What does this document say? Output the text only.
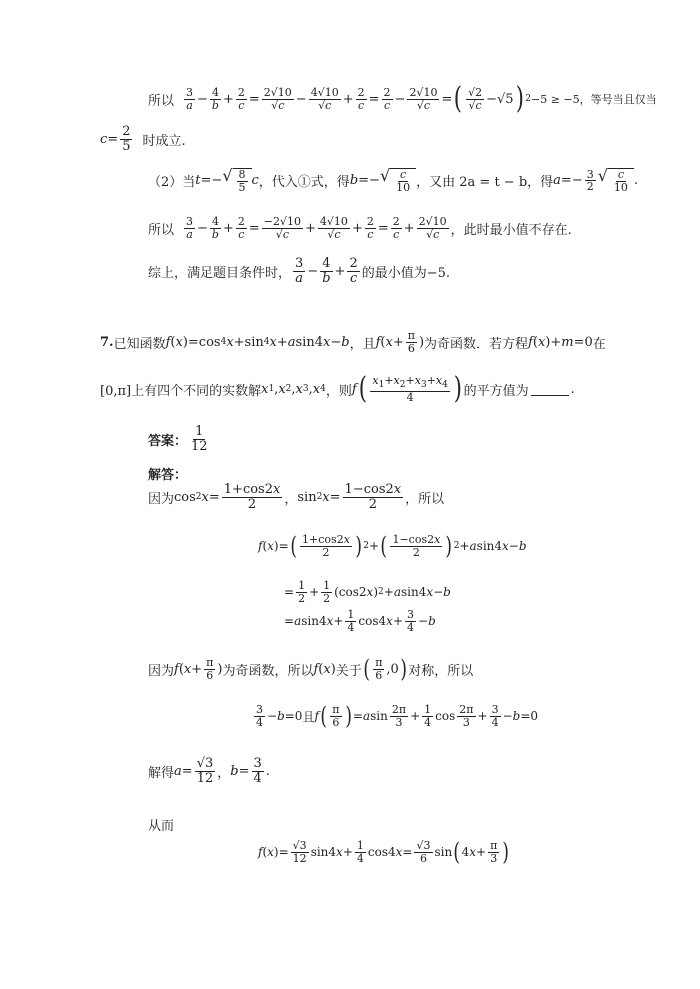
所以 $\frac{3}{a} - \frac{4}{b} + \frac{2}{c} = \frac{2√10}{√c} - \frac{4√10}{√c} + \frac{2}{c} = \frac{2}{c} - \frac{2√10}{√c}$ = ( $\frac{√2}{√c} -√5$ ) 2 −5 ≥ −5，等号当且仅当
$c = \frac{2}{5}$ 时成立.
（2）当 t =− √ $\frac{8}{5}$ c ，代入①式，得 b =− √ $\frac{c}{10}$ ，又由 2a = t − b，得 $a =- \frac{3}{2}$ √ $\frac{c}{10}$ .
所以 $\frac{3}{a} - \frac{4}{b} + \frac{2}{c} = \frac{-2√10}{√c} + \frac{4√10}{√c} + \frac{2}{c} = \frac{2}{c} + \frac{2√10}{√c}$ ，此时最小值不存在.
综上，满足题目条件时， $\frac{3}{a} - \frac{4}{b} + \frac{2}{c}$ 的最小值为−5.
7. 已知函数 f ( x )=cos 4 x +sin 4 x + a sin4 x − b ，且 f ( $x + \frac{\pi}{6}$ ) 为奇函数．若方程 f ( x )+ m =0 在
[0,π]上有四个不同的实数解 x 1 , x 2 , x 3 , x 4 ，则 f ( $\frac{x_1+x_2+x_3+x_4}{4}$ ) 的平方值为	.
答案： $\frac{1}{12}$
解答：
因为 cos 2 $x = \frac{1+\cos 2x}{2}$ ， sin 2 $x = \frac{1-\cos 2x}{2}$ ，所以
f ( x )= ( $\frac{1+\cos 2x}{2}$ ) 2 + ( $\frac{1-\cos 2x}{2}$ ) 2 + a sin4 x − b
= $\frac{1}{2} + \frac{1}{2} (\cos 2$ x ) 2 + a sin4 x − b
= a sin4 $x + \frac{1}{4} \cos 4$ $x + \frac{3}{4} - b$
因为 f ( $x + \frac{\pi}{6}$ ) 为奇函数，所以 f ( x ) 关于 ( $\frac{\pi}{6} ,0$ ) 对称，所以
$\frac{3}{4} - b =0$ 且 f ( $\frac{\pi}{6}$ ) = a $\sin \frac{2\pi}{3} + \frac{1}{4}$ $\cos \frac{2\pi}{3} + \frac{3}{4} - b =0$
解得 $a = \frac{√3}{12}$ ， $b = \frac{3}{4}$ .
从而
f ( x )= $\frac{√3}{12} \sin 4$ $x + \frac{1}{4} \cos 4$ $x = \frac{√3}{6}$ sin ( 4 $x + \frac{\pi}{3}$ )
